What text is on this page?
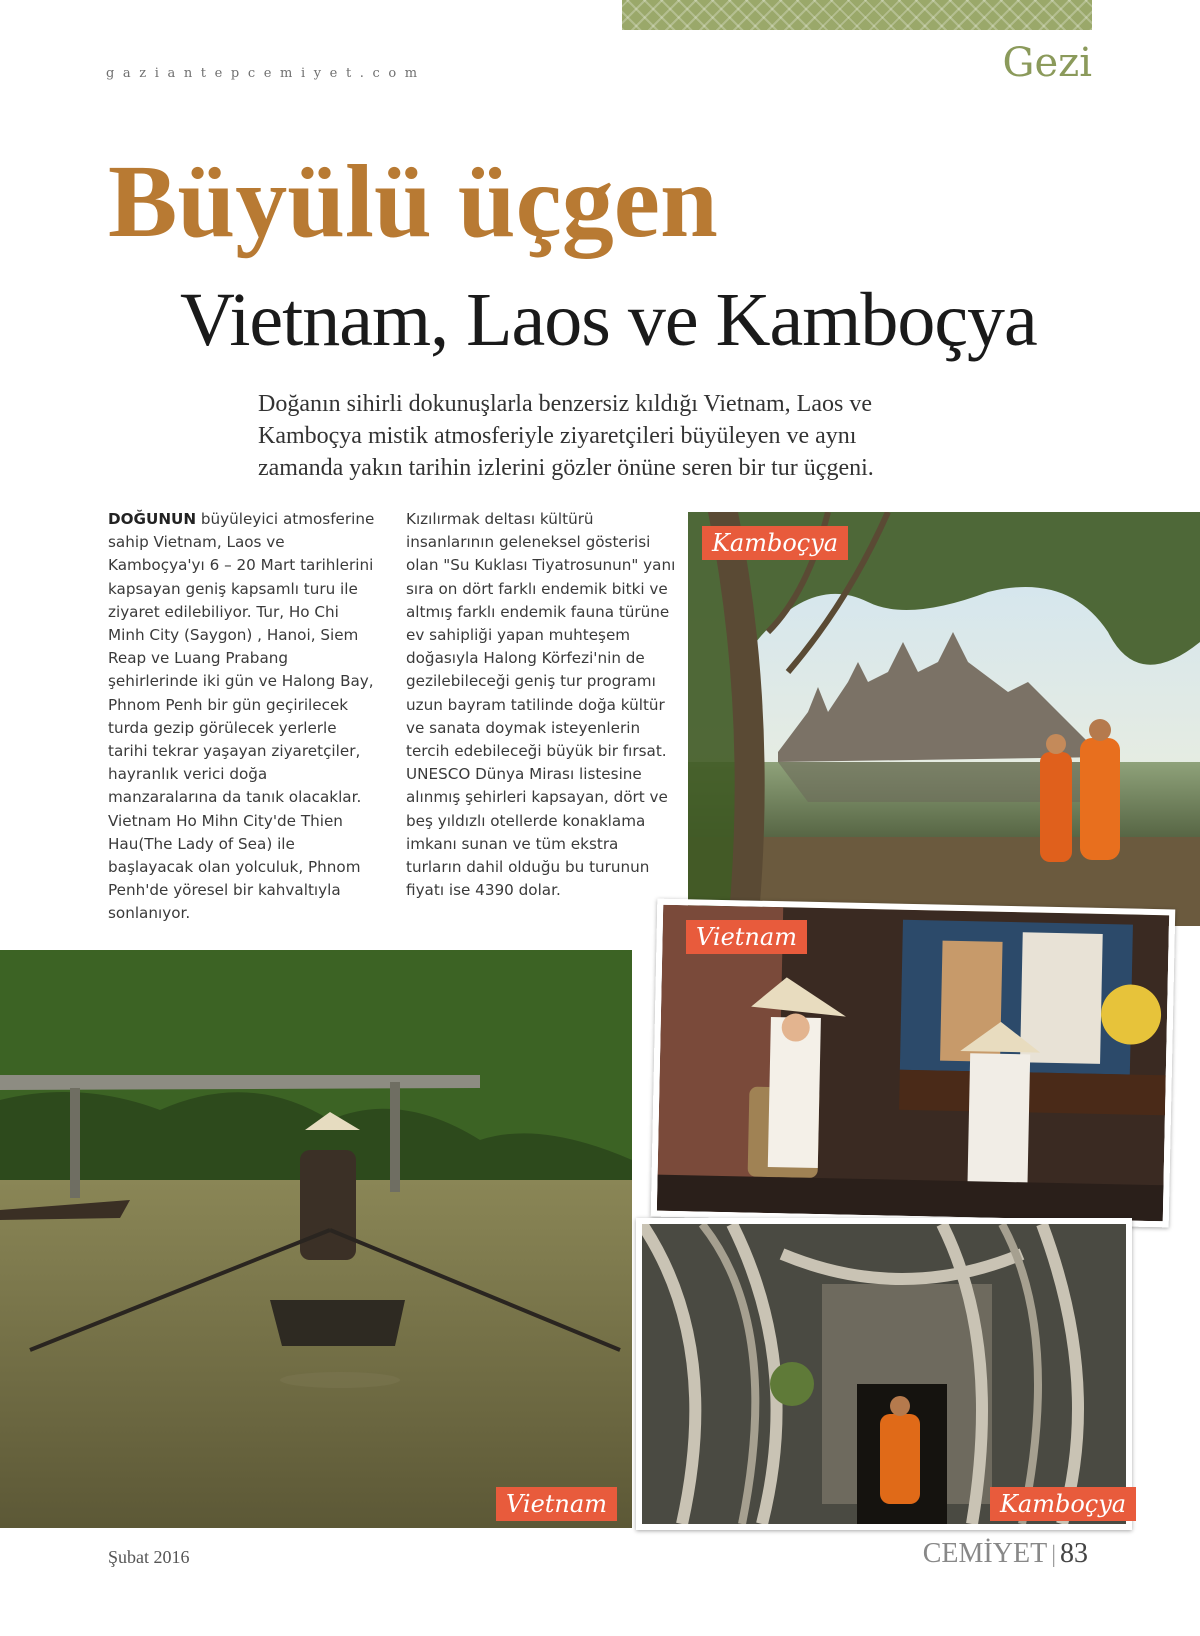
gaziantepcemiyet.com	Gezi
Büyülü üçgen
Vietnam, Laos ve Kamboçya
Doğanın sihirli dokunuşlarla benzersiz kıldığı Vietnam, Laos ve Kamboçya mistik atmosferiyle ziyaretçileri büyüleyen ve aynı zamanda yakın tarihin izlerini gözler önüne seren bir tur üçgeni.
DOĞUNUN büyüleyici atmosferine sahip Vietnam, Laos ve Kamboçya'yı 6 – 20 Mart tarihlerini kapsayan geniş kapsamlı turu ile ziyaret edilebiliyor. Tur, Ho Chi Minh City (Saygon) , Hanoi, Siem Reap ve Luang Prabang şehirlerinde iki gün ve Halong Bay, Phnom Penh bir gün geçirilecek turda gezip görülecek yerlerle tarihi tekrar yaşayan ziyaretçiler, hayranlık verici doğa manzaralarına da tanık olacaklar. Vietnam Ho Mihn City'de Thien Hau(The Lady of Sea) ile başlayacak olan yolculuk, Phnom Penh'de yöresel bir kahvaltıyla sonlanıyor.
Kızılırmak deltası kültürü insanlarının geleneksel gösterisi olan "Su Kuklası Tiyatrosunun" yanı sıra on dört farklı endemik bitki ve altmış farklı endemik fauna türüne ev sahipliği yapan muhteşem doğasıyla Halong Körfezi'nin de gezilebileceği geniş tur programı uzun bayram tatilinde doğa kültür ve sanata doymak isteyenlerin tercih edebileceği büyük bir fırsat. UNESCO Dünya Mirası listesine alınmış şehirleri kapsayan, dört ve beş yıldızlı otellerde konaklama imkanı sunan ve tüm ekstra turların dahil olduğu bu turunun fiyatı ise 4390 dolar.
Kamboçya
Vietnam
Vietnam	Kamboçya
Şubat 2016	CEMİYET | 83
